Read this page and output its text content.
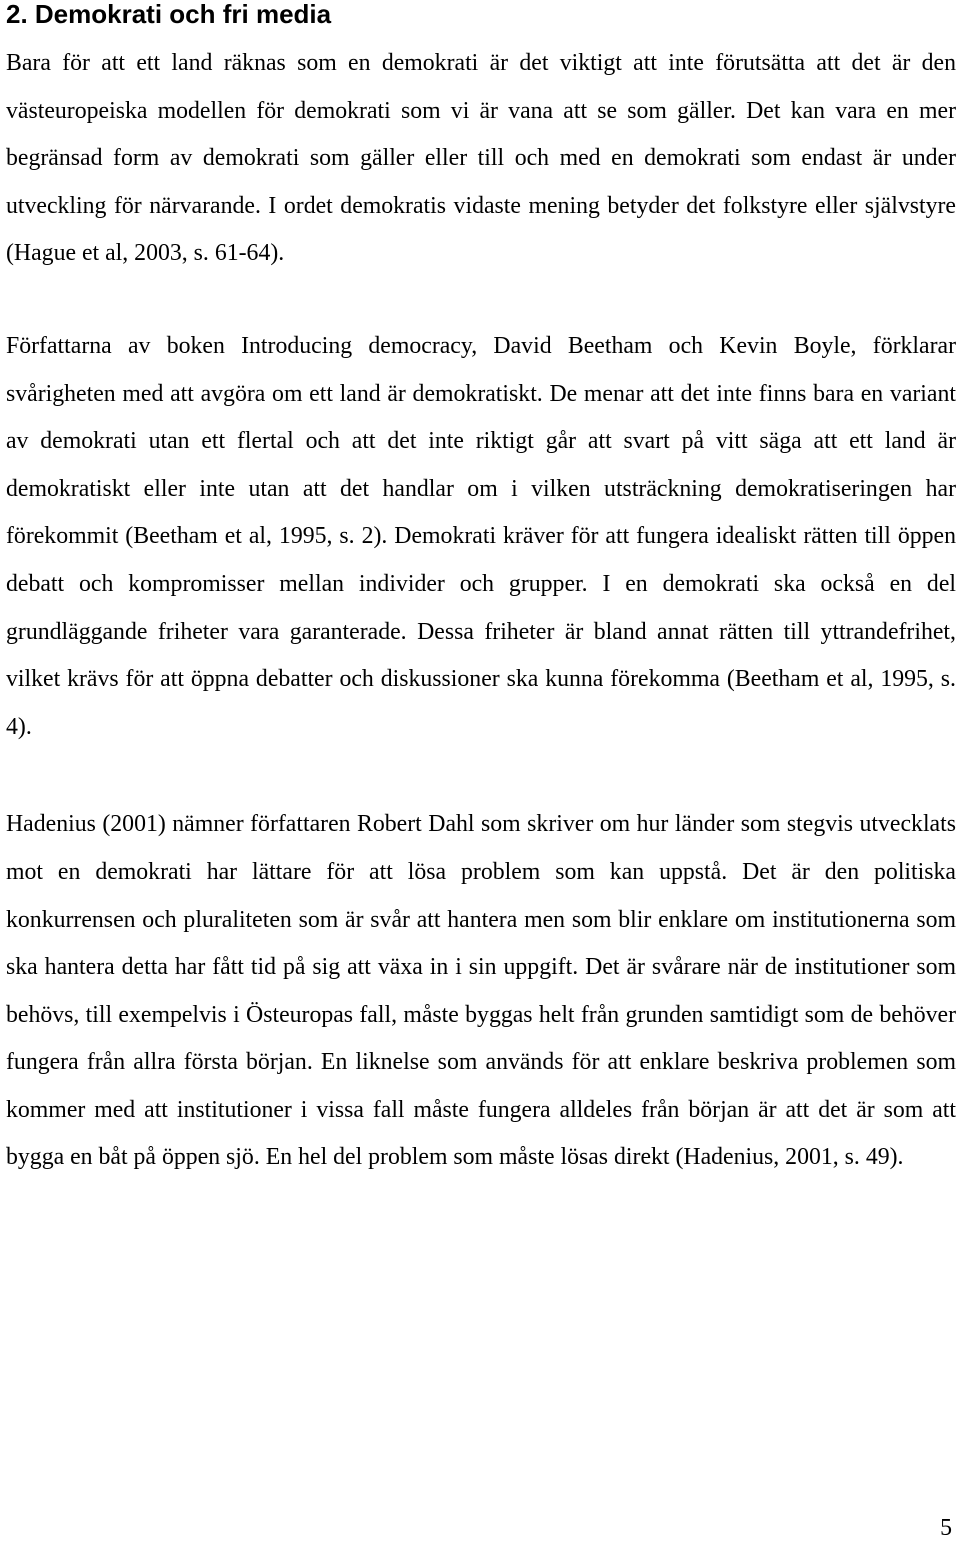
2. Demokrati och fri media

Bara för att ett land räknas som en demokrati är det viktigt att inte förutsätta att det är den västeuropeiska modellen för demokrati som vi är vana att se som gäller. Det kan vara en mer begränsad form av demokrati som gäller eller till och med en demokrati som endast är under utveckling för närvarande. I ordet demokratis vidaste mening betyder det folkstyre eller självstyre (Hague et al, 2003, s. 61-64).

Författarna av boken Introducing democracy, David Beetham och Kevin Boyle, förklarar svårigheten med att avgöra om ett land är demokratiskt. De menar att det inte finns bara en variant av demokrati utan ett flertal och att det inte riktigt går att svart på vitt säga att ett land är demokratiskt eller inte utan att det handlar om i vilken utsträckning demokratiseringen har förekommit (Beetham et al, 1995, s. 2). Demokrati kräver för att fungera idealiskt rätten till öppen debatt och kompromisser mellan individer och grupper. I en demokrati ska också en del grundläggande friheter vara garanterade. Dessa friheter är bland annat rätten till yttrandefrihet, vilket krävs för att öppna debatter och diskussioner ska kunna förekomma (Beetham et al, 1995, s. 4).

Hadenius (2001) nämner författaren Robert Dahl som skriver om hur länder som stegvis utvecklats mot en demokrati har lättare för att lösa problem som kan uppstå. Det är den politiska konkurrensen och pluraliteten som är svår att hantera men som blir enklare om institutionerna som ska hantera detta har fått tid på sig att växa in i sin uppgift. Det är svårare när de institutioner som behövs, till exempelvis i Östeuropas fall, måste byggas helt från grunden samtidigt som de behöver fungera från allra första början. En liknelse som används för att enklare beskriva problemen som kommer med att institutioner i vissa fall måste fungera alldeles från början är att det är som att bygga en båt på öppen sjö. En hel del problem som måste lösas direkt (Hadenius, 2001, s. 49).

5
